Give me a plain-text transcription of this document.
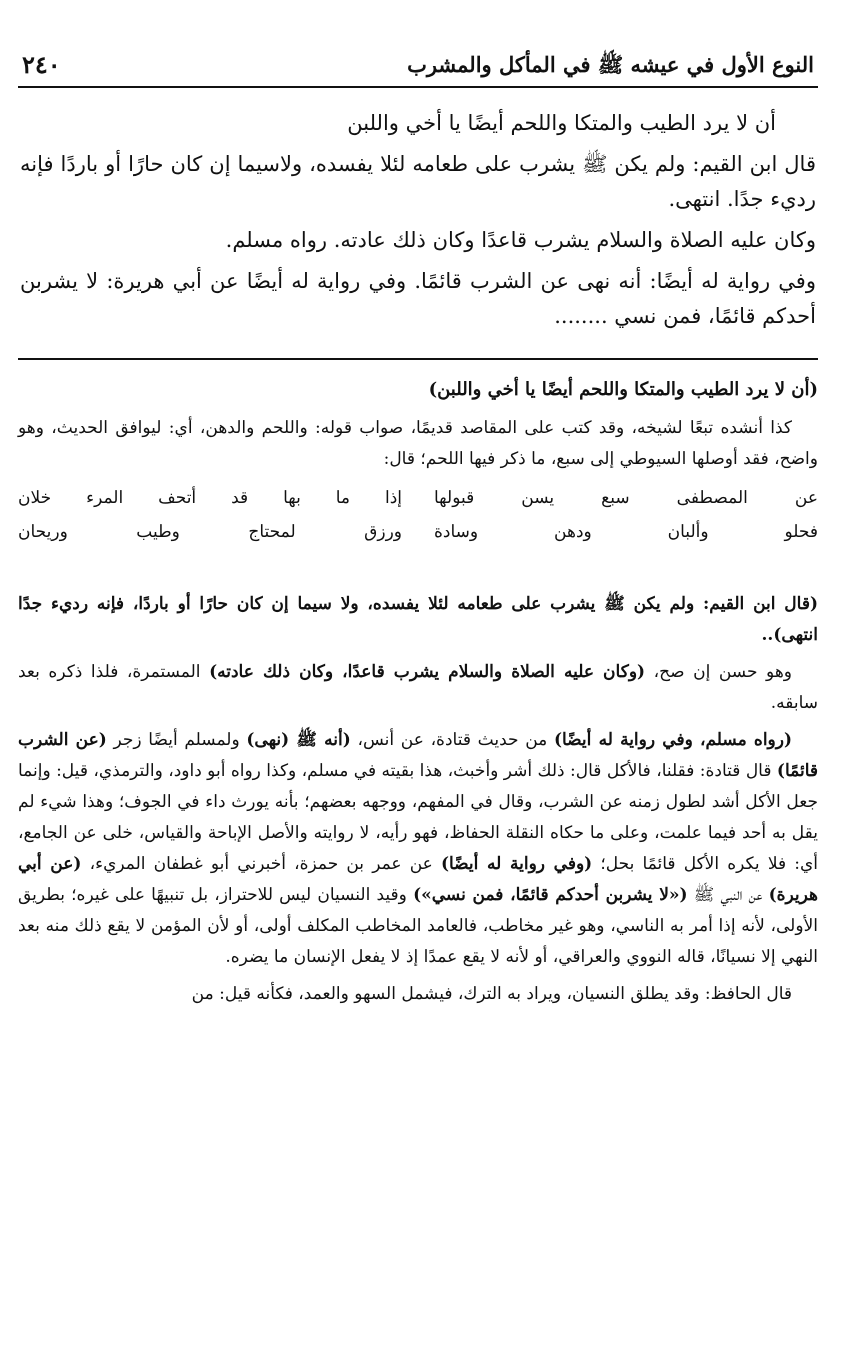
النوع الأول في عيشه ﷺ في المأكل والمشرب
٢٤٠

أن لا يرد الطيب والمتكا واللحم أيضًا يا أخي واللبن

قال ابن القيم: ولم يكن ﷺ يشرب على طعامه لئلا يفسده، ولاسيما إن كان حارًا أو باردًا فإنه رديء جدًا. انتهى.

وكان عليه الصلاة والسلام يشرب قاعدًا وكان ذلك عادته. رواه مسلم.

وفي رواية له أيضًا: أنه نهى عن الشرب قائمًا. وفي رواية له أيضًا عن أبي هريرة: لا يشربن أحدكم قائمًا، فمن نسي ........

(أن لا يرد الطيب والمتكا واللحم أيضًا يا أخي واللبن)

كذا أنشده تبعًا لشيخه، وقد كتب على المقاصد قديمًا، صواب قوله: واللحم والدهن، أي: ليوافق الحديث، وهو واضح، فقد أوصلها السيوطي إلى سبع، ما ذكر فيها اللحم؛ قال:

عن المصطفى سبع يسن قبولها
إذا ما بها قد أتحف المرء خلان
فحلو وألبان ودهن وسادة
ورزق لمحتاج وطيب وريحان

(قال ابن القيم: ولم يكن ﷺ يشرب على طعامه لئلا يفسده، ولا سيما إن كان حارًا أو باردًا، فإنه رديء جدًا انتهى)..

وهو حسن إن صح، (وكان عليه الصلاة والسلام يشرب قاعدًا، وكان ذلك عادته) المستمرة، فلذا ذكره بعد سابقه.

(رواه مسلم، وفي رواية له أيضًا) من حديث قتادة، عن أنس، (أنه ﷺ (نهى) ولمسلم أيضًا زجر (عن الشرب قائمًا) قال قتادة: فقلنا، فالأكل قال: ذلك أشر وأخبث، هذا بقيته في مسلم، وكذا رواه أبو داود، والترمذي، قيل: وإنما جعل الأكل أشد لطول زمنه عن الشرب، وقال في المفهم، ووجهه بعضهم؛ بأنه يورث داء في الجوف؛ وهذا شيء لم يقل به أحد فيما علمت، وعلى ما حكاه النقلة الحفاظ، فهو رأيه، لا روايته والأصل الإباحة والقياس، خلى عن الجامع، أي: فلا يكره الأكل قائمًا بحل؛ (وفي رواية له أيضًا) عن عمر بن حمزة، أخبرني أبو غطفان المريء، (عن أبي هريرة) عن النبي ﷺ («لا يشربن أحدكم قائمًا، فمن نسي») وقيد النسيان ليس للاحتراز، بل تنبيهًا على غيره؛ بطريق الأولى، لأنه إذا أمر به الناسي، وهو غير مخاطب، فالعامد المخاطب المكلف أولى، أو لأن المؤمن لا يقع ذلك منه بعد النهي إلا نسيانًا، قاله النووي والعراقي، أو لأنه لا يقع عمدًا إذ لا يفعل الإنسان ما يضره.

قال الحافظ: وقد يطلق النسيان، ويراد به الترك، فيشمل السهو والعمد، فكأنه قيل: من
